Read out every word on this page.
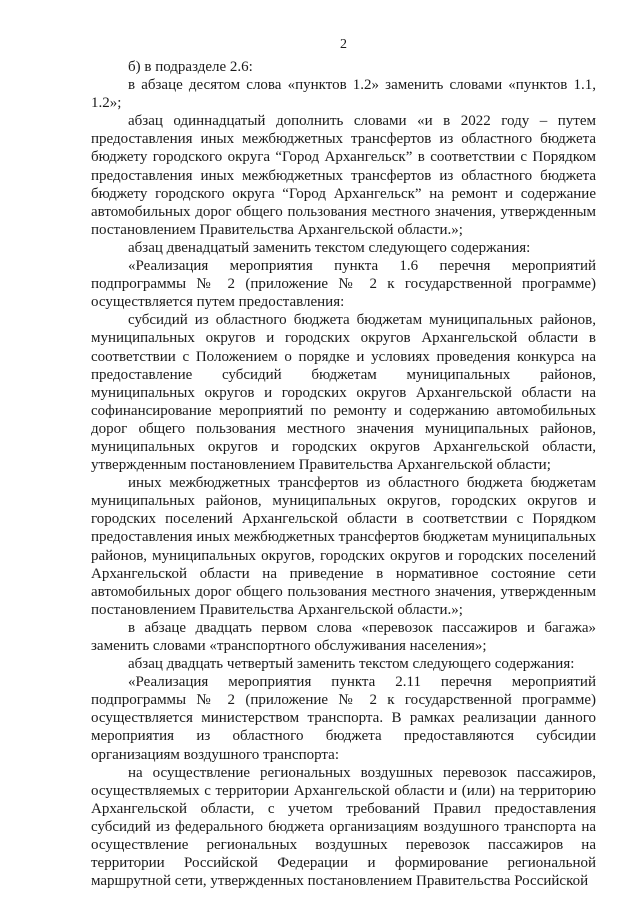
2

б) в подразделе 2.6:

в абзаце десятом слова «пунктов 1.2» заменить словами «пунктов 1.1, 1.2»;

абзац одиннадцатый дополнить словами «и в 2022 году – путем предоставления иных межбюджетных трансфертов из областного бюджета бюджету городского округа “Город Архангельск” в соответствии с Порядком предоставления иных межбюджетных трансфертов из областного бюджета бюджету городского округа “Город Архангельск” на ремонт и содержание автомобильных дорог общего пользования местного значения, утвержденным постановлением Правительства Архангельской области.»;

абзац двенадцатый заменить текстом следующего содержания:

«Реализация мероприятия пункта 1.6 перечня мероприятий подпрограммы № 2 (приложение № 2 к государственной программе) осуществляется путем предоставления:

субсидий из областного бюджета бюджетам муниципальных районов, муниципальных округов и городских округов Архангельской области в соответствии с Положением о порядке и условиях проведения конкурса на предоставление субсидий бюджетам муниципальных районов, муниципальных округов и городских округов Архангельской области на софинансирование мероприятий по ремонту и содержанию автомобильных дорог общего пользования местного значения муниципальных районов, муниципальных округов и городских округов Архангельской области, утвержденным постановлением Правительства Архангельской области;

иных межбюджетных трансфертов из областного бюджета бюджетам муниципальных районов, муниципальных округов, городских округов и городских поселений Архангельской области в соответствии с Порядком предоставления иных межбюджетных трансфертов бюджетам муниципальных районов, муниципальных округов, городских округов и городских поселений Архангельской области на приведение в нормативное состояние сети автомобильных дорог общего пользования местного значения, утвержденным постановлением Правительства Архангельской области.»;

в абзаце двадцать первом слова «перевозок пассажиров и багажа» заменить словами «транспортного обслуживания населения»;

абзац двадцать четвертый заменить текстом следующего содержания:

«Реализация мероприятия пункта 2.11 перечня мероприятий подпрограммы № 2 (приложение № 2 к государственной программе) осуществляется министерством транспорта. В рамках реализации данного мероприятия из областного бюджета предоставляются субсидии организациям воздушного транспорта:

на осуществление региональных воздушных перевозок пассажиров, осуществляемых с территории Архангельской области и (или) на территорию Архангельской области, с учетом требований Правил предоставления субсидий из федерального бюджета организациям воздушного транспорта на осуществление региональных воздушных перевозок пассажиров на территории Российской Федерации и формирование региональной маршрутной сети, утвержденных постановлением Правительства Российской
